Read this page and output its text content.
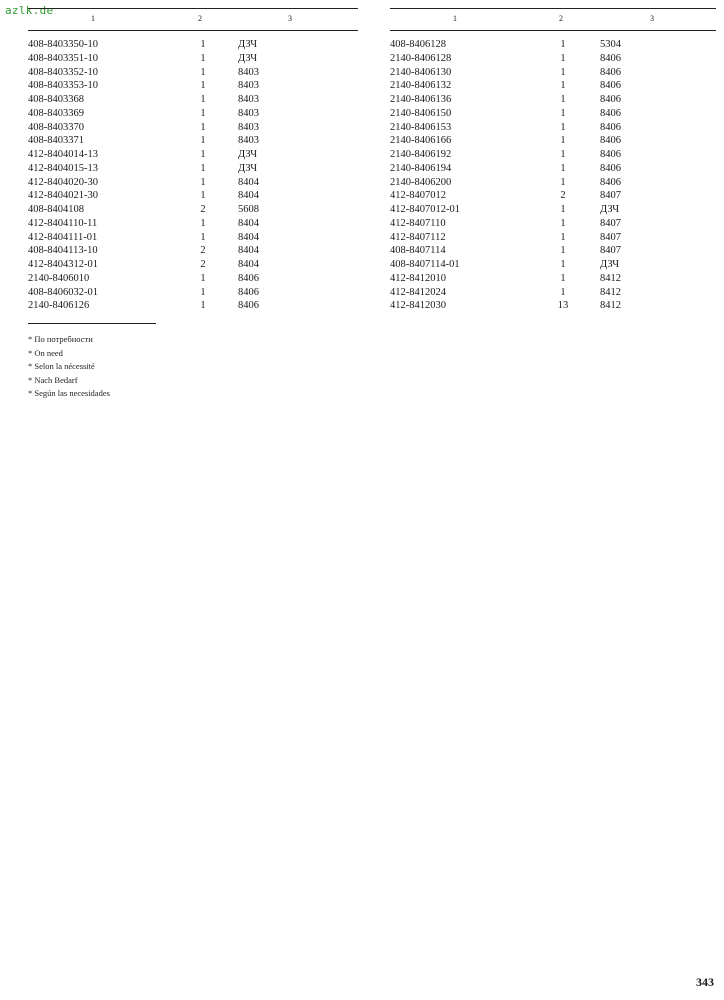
azlk.de
1	2	3
408-8403350-10	1	ДЗЧ
408-8403351-10	1	ДЗЧ
408-8403352-10	1	8403
408-8403353-10	1	8403
408-8403368	1	8403
408-8403369	1	8403
408-8403370	1	8403
408-8403371	1	8403
412-8404014-13	1	ДЗЧ
412-8404015-13	1	ДЗЧ
412-8404020-30	1	8404
412-8404021-30	1	8404
408-8404108	2	5608
412-8404110-11	1	8404
412-8404111-01	1	8404
408-8404113-10	2	8404
412-8404312-01	2	8404
2140-8406010	1	8406
408-8406032-01	1	8406
2140-8406126	1	8406
1	2	3
408-8406128	1	5304
2140-8406128	1	8406
2140-8406130	1	8406
2140-8406132	1	8406
2140-8406136	1	8406
2140-8406150	1	8406
2140-8406153	1	8406
2140-8406166	1	8406
2140-8406192	1	8406
2140-8406194	1	8406
2140-8406200	1	8406
412-8407012	2	8407
412-8407012-01	1	ДЗЧ
412-8407110	1	8407
412-8407112	1	8407
408-8407114	1	8407
408-8407114-01	1	ДЗЧ
412-8412010	1	8412
412-8412024	1	8412
412-8412030	13	8412
* По потребности
* On need
* Selon la nécessité
* Nach Bedarf
* Según las necesidades
343
